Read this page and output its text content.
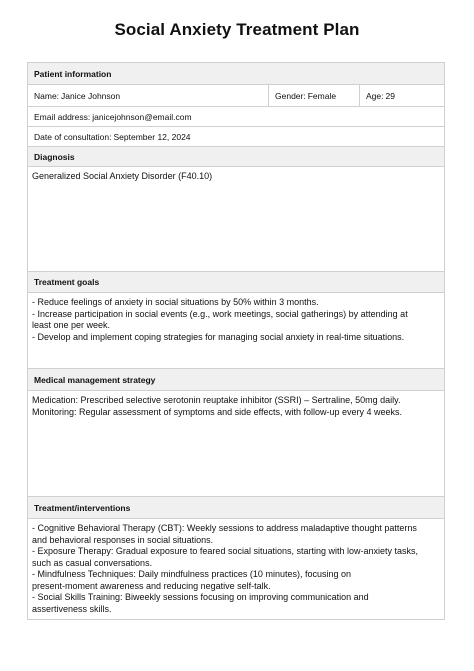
Social Anxiety Treatment Plan
Patient information
Name: Janice Johnson	Gender: Female	Age: 29
Email address: janicejohnson@email.com
Date of consultation: September 12, 2024
Diagnosis
Generalized Social Anxiety Disorder (F40.10)
Treatment goals
- Reduce feelings of anxiety in social situations by 50% within 3 months.
- Increase participation in social events (e.g., work meetings, social gatherings) by attending at
least one per week.
- Develop and implement coping strategies for managing social anxiety in real-time situations.
Medical management strategy
Medication: Prescribed selective serotonin reuptake inhibitor (SSRI) – Sertraline, 50mg daily.
Monitoring: Regular assessment of symptoms and side effects, with follow-up every 4 weeks.
Treatment/interventions
- Cognitive Behavioral Therapy (CBT): Weekly sessions to address maladaptive thought patterns
and behavioral responses in social situations.
- Exposure Therapy: Gradual exposure to feared social situations, starting with low-anxiety tasks,
such as casual conversations.
- Mindfulness Techniques: Daily mindfulness practices (10 minutes), focusing on
present-moment awareness and reducing negative self-talk.
- Social Skills Training: Biweekly sessions focusing on improving communication and
assertiveness skills.
